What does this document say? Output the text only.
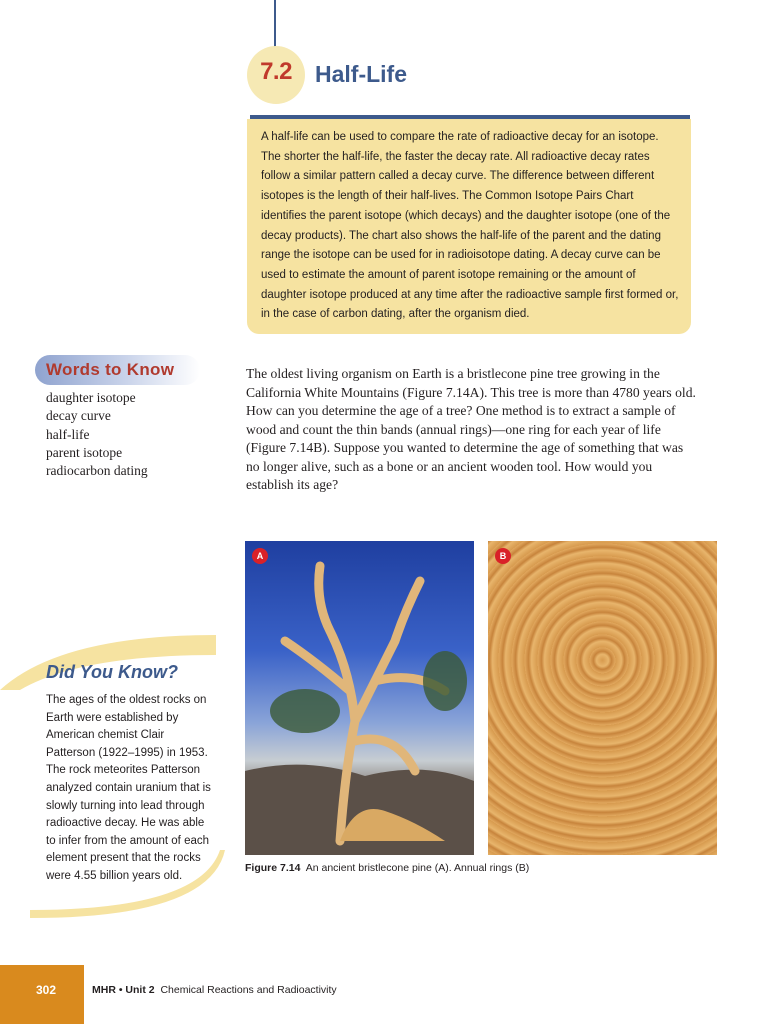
7.2	Half-Life
A half-life can be used to compare the rate of radioactive decay for an isotope. The shorter the half-life, the faster the decay rate. All radioactive decay rates follow a similar pattern called a decay curve. The difference between different isotopes is the length of their half-lives. The Common Isotope Pairs Chart identifies the parent isotope (which decays) and the daughter isotope (one of the decay products). The chart also shows the half-life of the parent and the dating range the isotope can be used for in radioisotope dating. A decay curve can be used to estimate the amount of parent isotope remaining or the amount of daughter isotope produced at any time after the radioactive sample first formed or, in the case of carbon dating, after the organism died.
Words to Know
daughter isotope
decay curve
half-life
parent isotope
radiocarbon dating
The oldest living organism on Earth is a bristlecone pine tree growing in the California White Mountains (Figure 7.14A). This tree is more than 4780 years old. How can you determine the age of a tree? One method is to extract a sample of wood and count the thin bands (annual rings)—one ring for each year of life (Figure 7.14B). Suppose you wanted to determine the age of something that was no longer alive, such as a bone or an ancient wooden tool. How would you establish its age?
A	B
Figure 7.14 An ancient bristlecone pine (A). Annual rings (B)
Did You Know?
The ages of the oldest rocks on Earth were established by American chemist Clair Patterson (1922–1995) in 1953. The rock meteorites Patterson analyzed contain uranium that is slowly turning into lead through radioactive decay. He was able to infer from the amount of each element present that the rocks were 4.55 billion years old.
302	MHR • Unit 2 Chemical Reactions and Radioactivity
